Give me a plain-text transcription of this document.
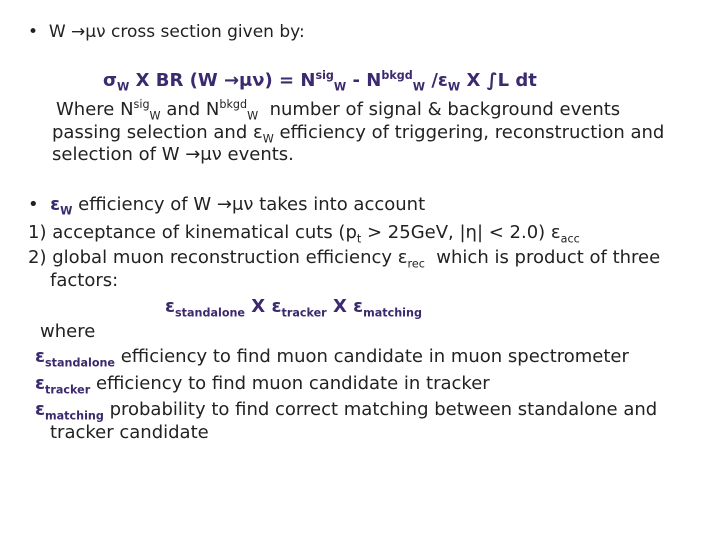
• W →μν cross section given by:
$\sigma_W$ X BR $(W \to\mu\nu) = N^{sig}_W - N^{bkgd}_W$ $/\varepsilon_W$ X ∫L dt
Where $N^{sig}_W$ and $N^{bkgd}_W$ number of signal & background events
passing selection and $\varepsilon_W$ efficiency of triggering, reconstruction and
selection of W →μν events.
• $\varepsilon_W$ efficiency of W →μν takes into account
1) acceptance of kinematical cuts ($p_t > 25GeV$, |η| < 2.0) $\varepsilon_{acc}$
2) global muon reconstruction efficiency $\varepsilon_{rec}$ which is product of three
factors:
$\varepsilon_{standalone}$ X $\varepsilon_{tracker}$ X $\varepsilon_{matching}$
where
$\varepsilon_{standalone}$ efficiency to find muon candidate in muon spectrometer
$\varepsilon_{tracker}$ efficiency to find muon candidate in tracker
$\varepsilon_{matching}$ probability to find correct matching between standalone and
tracker candidate
